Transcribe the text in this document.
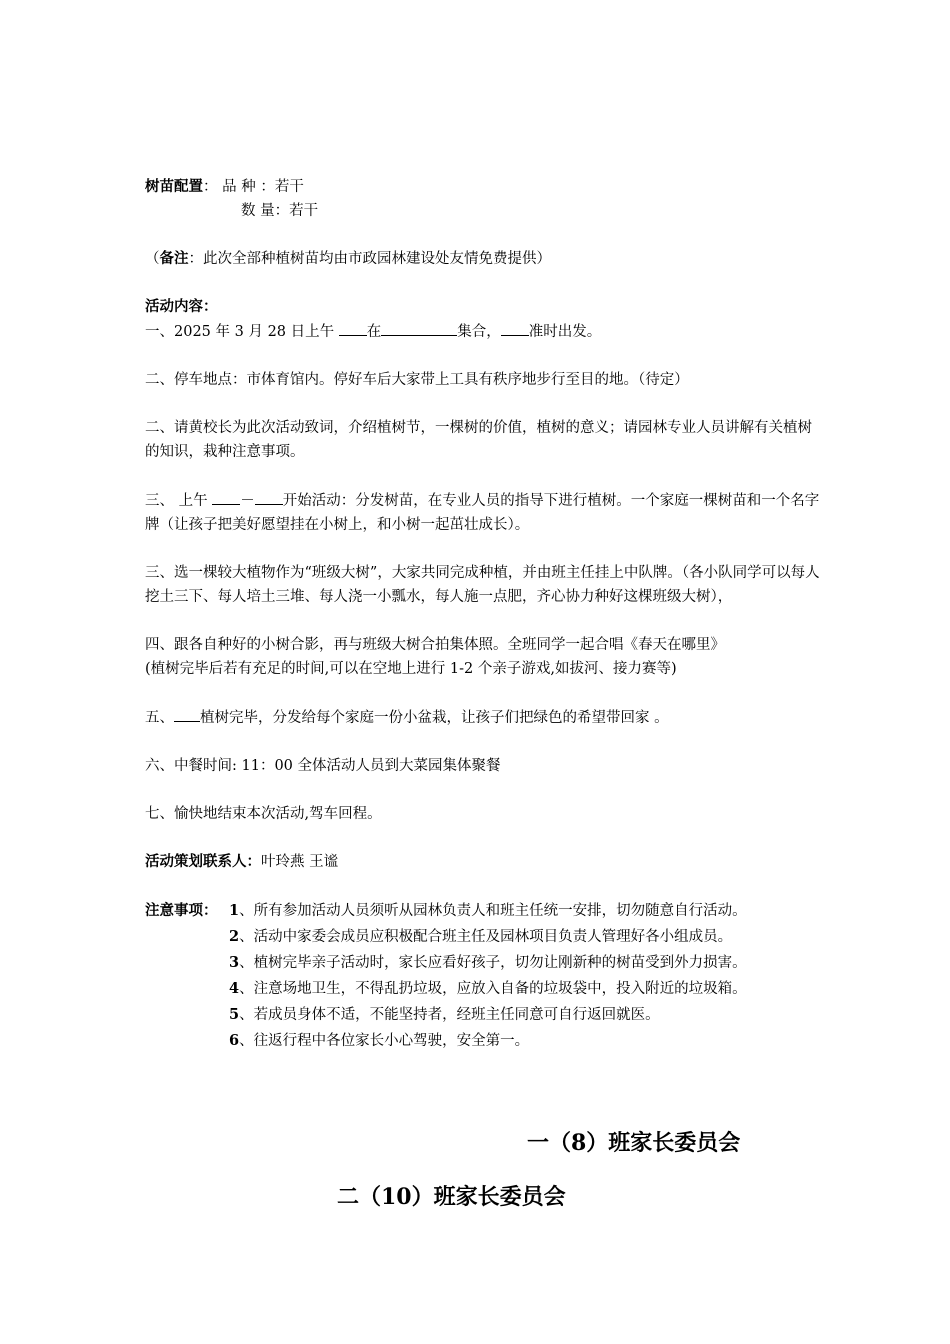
树苗配置： 品 种 ：若干
数 量：若干
（备注：此次全部种植树苗均由市政园林建设处友情免费提供）
活动内容：
一、2025 年 3 月 28 日上午 在	集合， 准时出发。
二、停车地点：市体育馆内。停好车后大家带上工具有秩序地步行至目的地。（待定）
二、请黄校长为此次活动致词，介绍植树节，一棵树的价值，植树的意义；请园林专业人员讲解有关植树的知识，栽种注意事项。
三、 上午 － 开始活动：分发树苗，在专业人员的指导下进行植树。一个家庭一棵树苗和一个名字牌（让孩子把美好愿望挂在小树上，和小树一起茁壮成长）。
三、选一棵较大植物作为“班级大树”，大家共同完成种植，并由班主任挂上中队牌。（各小队同学可以每人挖土三下、每人培土三堆、每人浇一小瓢水，每人施一点肥，齐心协力种好这棵班级大树），
四、跟各自种好的小树合影，再与班级大树合拍集体照。全班同学一起合唱《春天在哪里》
(植树完毕后若有充足的时间,可以在空地上进行 1-2 个亲子游戏,如拔河、接力赛等)
五、 植树完毕，分发给每个家庭一份小盆栽，让孩子们把绿色的希望带回家 。
六、中餐时间: 11：00 全体活动人员到大菜园集体聚餐
七、愉快地结束本次活动,驾车回程。
活动策划联系人：叶玲燕 王谧
注意事项： 1、所有参加活动人员须听从园林负责人和班主任统一安排，切勿随意自行活动。
2、活动中家委会成员应积极配合班主任及园林项目负责人管理好各小组成员。
3、植树完毕亲子活动时，家长应看好孩子，切勿让刚新种的树苗受到外力损害。
4、注意场地卫生，不得乱扔垃圾，应放入自备的垃圾袋中，投入附近的垃圾箱。
5、若成员身体不适，不能坚持者，经班主任同意可自行返回就医。
6、往返行程中各位家长小心驾驶，安全第一。
一（8）班家长委员会
二（10）班家长委员会
